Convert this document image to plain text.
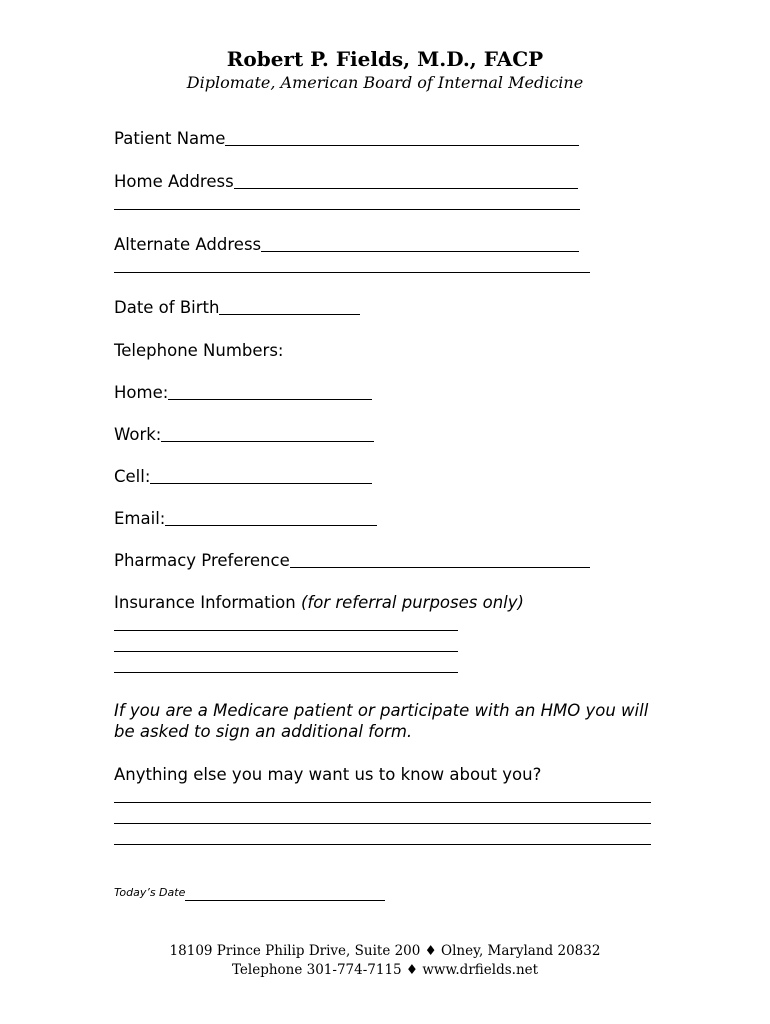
Robert P. Fields, M.D., FACP
Diplomate, American Board of Internal Medicine
Patient Name
Home Address
Alternate Address
Date of Birth
Telephone Numbers:
Home:
Work:
Cell:
Email:
Pharmacy Preference
Insurance Information
(for referral purposes only)
If you are a Medicare patient or participate with an HMO you will be asked to sign an additional form.
Anything else you may want us to know about you?
Today’s Date
18109 Prince Philip Drive, Suite 200 ♦ Olney, Maryland 20832
Telephone 301-774-7115 ♦ www.drfields.net
